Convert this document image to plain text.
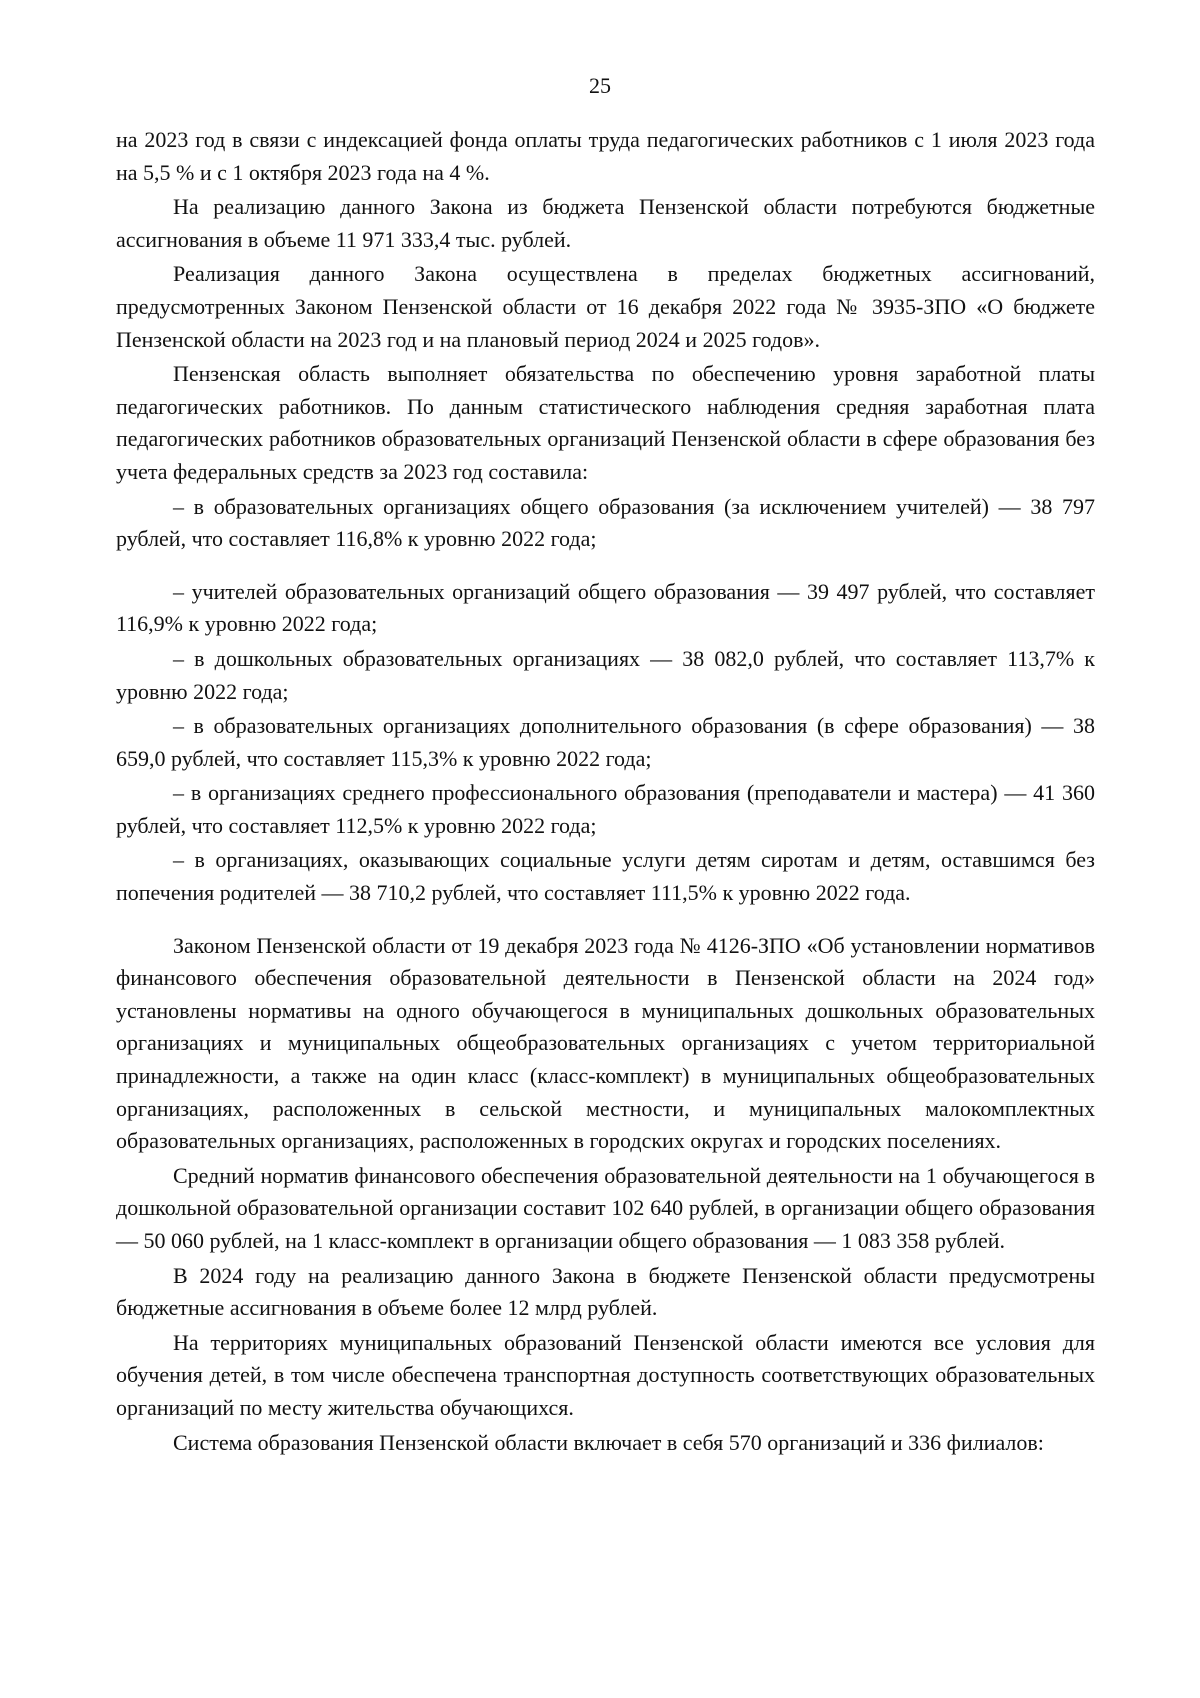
25

на 2023 год в связи с индексацией фонда оплаты труда педагогических работников с 1 июля 2023 года на 5,5 % и с 1 октября 2023 года на 4 %.

На реализацию данного Закона из бюджета Пензенской области потребуются бюджетные ассигнования в объеме 11 971 333,4 тыс. рублей.

Реализация данного Закона осуществлена в пределах бюджетных ассигнований, предусмотренных Законом Пензенской области от 16 декабря 2022 года № 3935-ЗПО «О бюджете Пензенской области на 2023 год и на плановый период 2024 и 2025 годов».

Пензенская область выполняет обязательства по обеспечению уровня заработной платы педагогических работников. По данным статистического наблюдения средняя заработная плата педагогических работников образовательных организаций Пензенской области в сфере образования без учета федеральных средств за 2023 год составила:

– в образовательных организациях общего образования (за исключением учителей) — 38 797 рублей, что составляет 116,8% к уровню 2022 года;

– учителей образовательных организаций общего образования — 39 497 рублей, что составляет 116,9% к уровню 2022 года;

– в дошкольных образовательных организациях — 38 082,0 рублей, что составляет 113,7% к уровню 2022 года;

– в образовательных организациях дополнительного образования (в сфере образования) — 38 659,0 рублей, что составляет 115,3% к уровню 2022 года;

– в организациях среднего профессионального образования (преподаватели и мастера) — 41 360 рублей, что составляет 112,5% к уровню 2022 года;

– в организациях, оказывающих социальные услуги детям сиротам и детям, оставшимся без попечения родителей — 38 710,2 рублей, что составляет 111,5% к уровню 2022 года.

Законом Пензенской области от 19 декабря 2023 года № 4126-ЗПО «Об установлении нормативов финансового обеспечения образовательной деятельности в Пензенской области на 2024 год» установлены нормативы на одного обучающегося в муниципальных дошкольных образовательных организациях и муниципальных общеобразовательных организациях с учетом территориальной принадлежности, а также на один класс (класс-комплект) в муниципальных общеобразовательных организациях, расположенных в сельской местности, и муниципальных малокомплектных образовательных организациях, расположенных в городских округах и городских поселениях.

Средний норматив финансового обеспечения образовательной деятельности на 1 обучающегося в дошкольной образовательной организации составит 102 640 рублей, в организации общего образования — 50 060 рублей, на 1 класс-комплект в организации общего образования — 1 083 358 рублей.

В 2024 году на реализацию данного Закона в бюджете Пензенской области предусмотрены бюджетные ассигнования в объеме более 12 млрд рублей.

На территориях муниципальных образований Пензенской области имеются все условия для обучения детей, в том числе обеспечена транспортная доступность соответствующих образовательных организаций по месту жительства обучающихся.

Система образования Пензенской области включает в себя 570 организаций и 336 филиалов:
